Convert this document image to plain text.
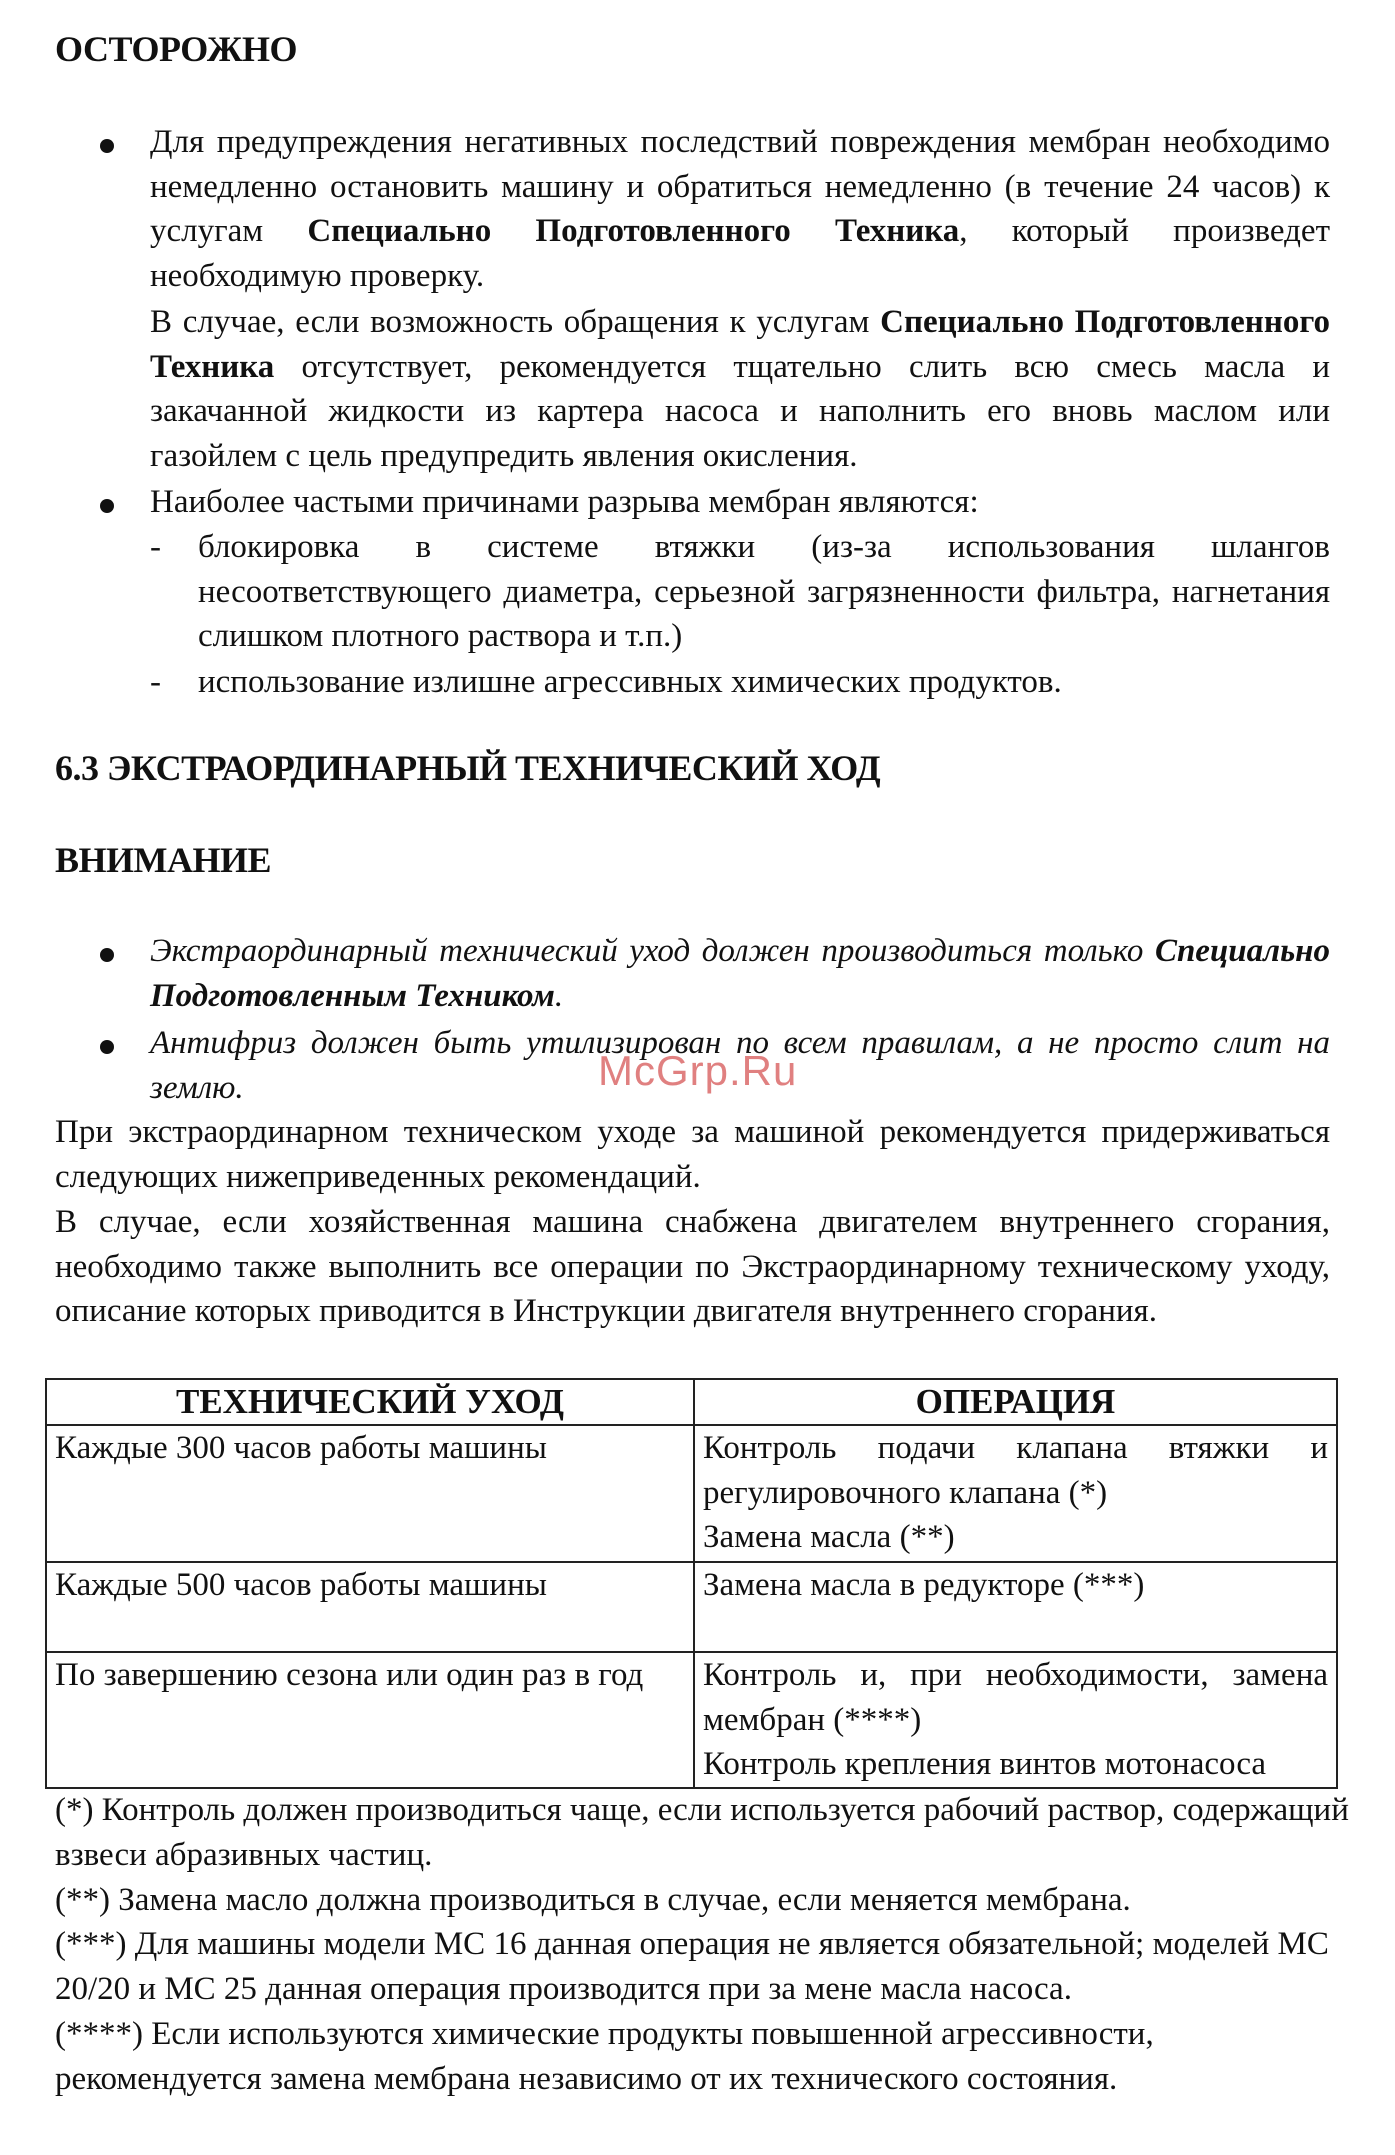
ОСТОРОЖНО
Для предупреждения негативных последствий повреждения мембран необходимо немедленно остановить машину и обратиться немедленно (в течение 24 часов) к услугам Специально Подготовленного Техника, который произведет необходимую проверку.
В случае, если возможность обращения к услугам Специально Подготовленного Техника отсутствует, рекомендуется тщательно слить всю смесь масла и закачанной жидкости из картера насоса и наполнить его вновь маслом или газойлем с цель предупредить явления окисления.
Наиболее частыми причинами разрыва мембран являются:
- блокировка в системе втяжки (из-за использования шлангов несоответствующего диаметра, серьезной загрязненности фильтра, нагнетания слишком плотного раствора и т.п.)
- использование излишне агрессивных химических продуктов.
6.3 ЭКСТРАОРДИНАРНЫЙ ТЕХНИЧЕСКИЙ ХОД
ВНИМАНИЕ
Экстраординарный технический уход должен производиться только Специально Подготовленным Техником.
Антифриз должен быть утилизирован по всем правилам, а не просто слит на землю.	McGrp.Ru
При экстраординарном техническом уходе за машиной рекомендуется придерживаться следующих нижеприведенных рекомендаций.
В случае, если хозяйственная машина снабжена двигателем внутреннего сгорания, необходимо также выполнить все операции по Экстраординарному техническому уходу, описание которых приводится в Инструкции двигателя внутреннего сгорания.
ТЕХНИЧЕСКИЙ УХОД	ОПЕРАЦИЯ
Каждые 300 часов работы машины	Контроль подачи клапана втяжки и
регулировочного клапана (*)
Замена масла (**)

Каждые 500 часов работы машины	Замена масла в редукторе (***)

По завершению сезона или один раз в год	Контроль и, при необходимости, замена
мембран (****)
Контроль крепления винтов мотонасоса
(*) Контроль должен производиться чаще, если используется рабочий раствор, содержащий взвеси абразивных частиц.
(**) Замена масло должна производиться в случае, если меняется мембрана.
(***) Для машины модели МС 16 данная операция не является обязательной; моделей МС 20/20 и МС 25 данная операция производится при за мене масла насоса.
(****) Если используются химические продукты повышенной агрессивности, рекомендуется замена мембрана независимо от их технического состояния.
